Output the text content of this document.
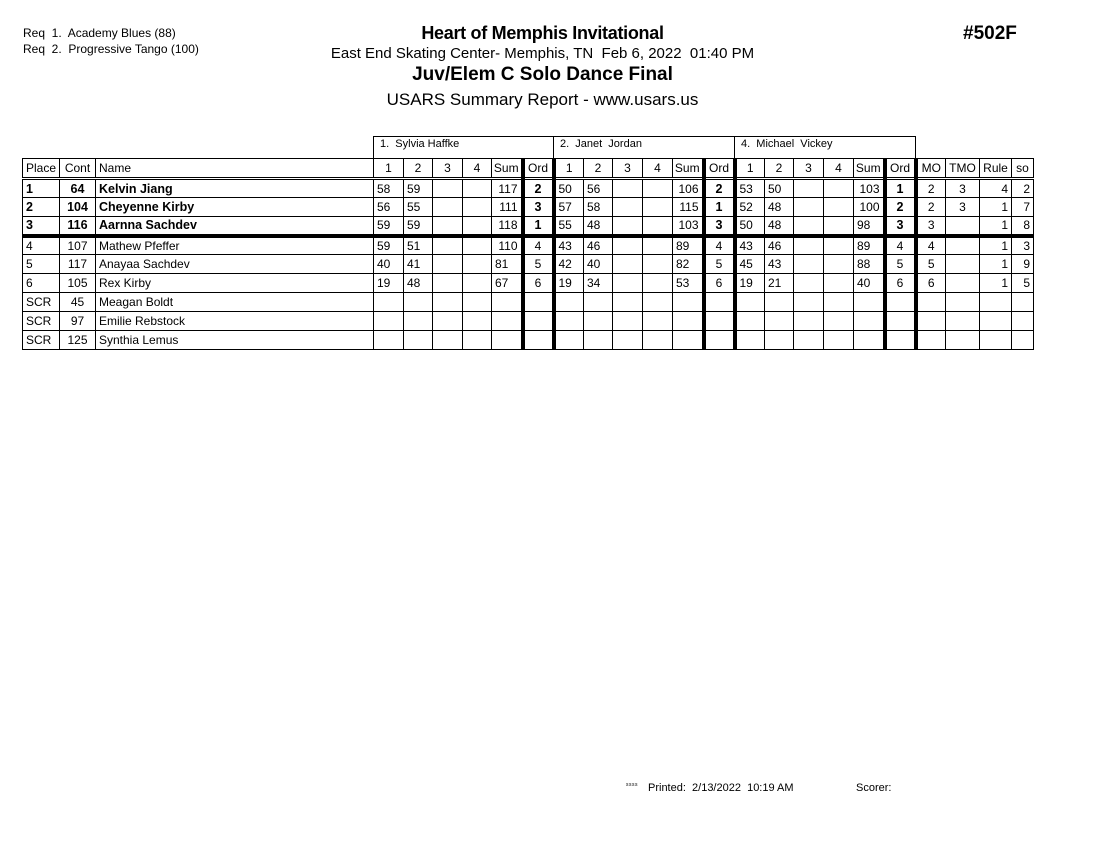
Req  1.  Academy Blues (88)
Req  2.  Progressive Tango (100)
Heart of Memphis Invitational
East End Skating Center- Memphis, TN  Feb 6, 2022  01:40 PM
Juv/Elem C Solo Dance Final
USARS Summary Report - www.usars.us
#502F
1.  Sylvia Haffke	2.  Janet  Jordan	4.  Michael  Vickey
Place	Cont	Name	1	2	3	4	Sum	Ord	1	2	3	4	Sum	Ord	1	2	3	4	Sum	Ord	MO	TMO	Rule	so
1	64	Kelvin Jiang	58	59			117	2	50	56			106	2	53	50			103	1	2	3	4	2
2	104	Cheyenne Kirby	56	55			111	3	57	58			115	1	52	48			100	2	2	3	1	7
3	116	Aarnna Sachdev	59	59			118	1	55	48			103	3	50	48			98	3	3		1	8
4	107	Mathew Pfeffer	59	51			110	4	43	46			89	4	43	46			89	4	4		1	3
5	117	Anayaa Sachdev	40	41			81	5	42	40			82	5	45	43			88	5	5		1	9
6	105	Rex Kirby	19	48			67	6	19	34			53	6	19	21			40	6	6		1	5
SCR	45	Meagan Boldt																						
SCR	97	Emilie Rebstock																						
SCR	125	Synthia Lemus																						
$^{ssss}$ Printed:  2/13/2022  10:19 AM	Scorer:
